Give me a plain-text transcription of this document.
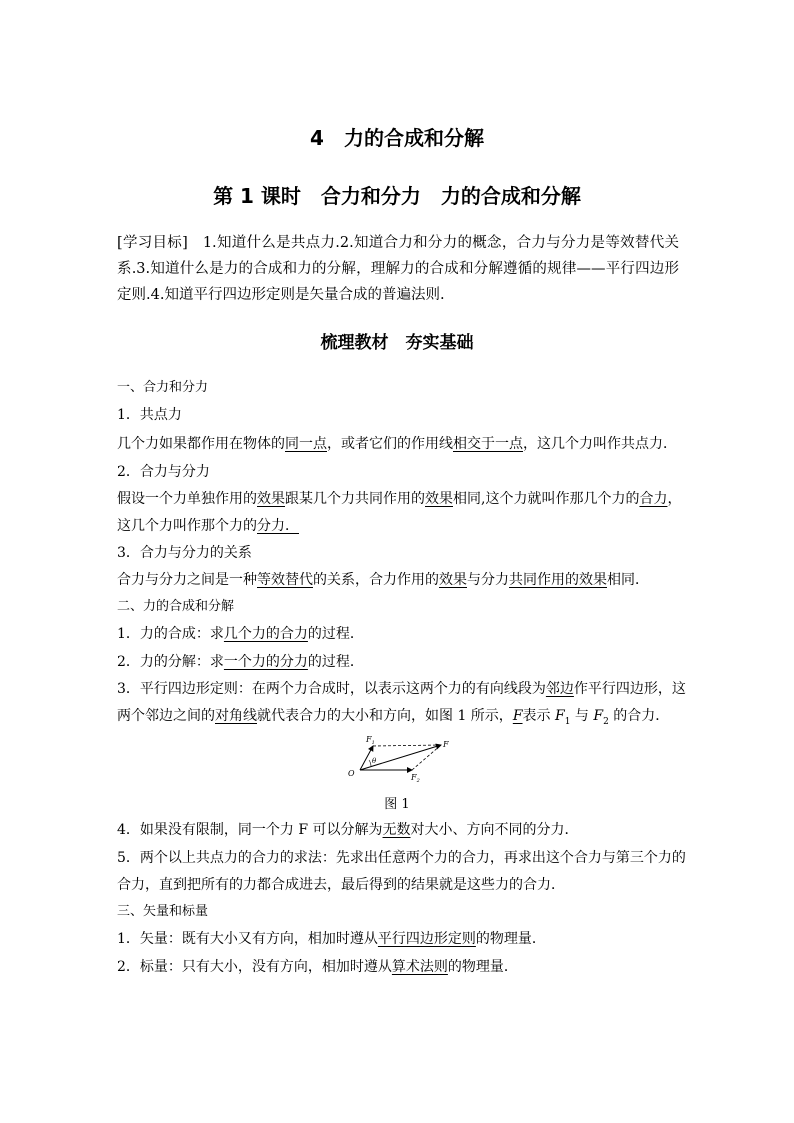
4　力的合成和分解
第 1 课时　合力和分力　力的合成和分解
[学习目标]　1.知道什么是共点力.2.知道合力和分力的概念，合力与分力是等效替代关系.3.知道什么是力的合成和力的分解，理解力的合成和分解遵循的规律——平行四边形定则.4.知道平行四边形定则是矢量合成的普遍法则.
梳理教材　夯实基础
一、合力和分力
1．共点力
几个力如果都作用在物体的同一点，或者它们的作用线相交于一点，这几个力叫作共点力．
2．合力与分力
假设一个力单独作用的效果跟某几个力共同作用的效果相同,这个力就叫作那几个力的合力，
这几个力叫作那个力的分力．
3．合力与分力的关系
合力与分力之间是一种等效替代的关系，合力作用的效果与分力共同作用的效果相同．
二、力的合成和分解
1．力的合成：求几个力的合力的过程．
2．力的分解：求一个力的分力的过程．
3．平行四边形定则：在两个力合成时，以表示这两个力的有向线段为邻边作平行四边形，这
两个邻边之间的对角线就代表合力的大小和方向，如图 1 所示，F表示 $F_1$ 与 $F_2$ 的合力．
$F_1$	F
O
θ
$F_2$
图 1
4．如果没有限制，同一个力 F 可以分解为无数对大小、方向不同的分力．
5．两个以上共点力的合力的求法：先求出任意两个力的合力，再求出这个合力与第三个力的
合力，直到把所有的力都合成进去，最后得到的结果就是这些力的合力．
三、矢量和标量
1．矢量：既有大小又有方向，相加时遵从平行四边形定则的物理量．
2．标量：只有大小，没有方向，相加时遵从算术法则的物理量．
